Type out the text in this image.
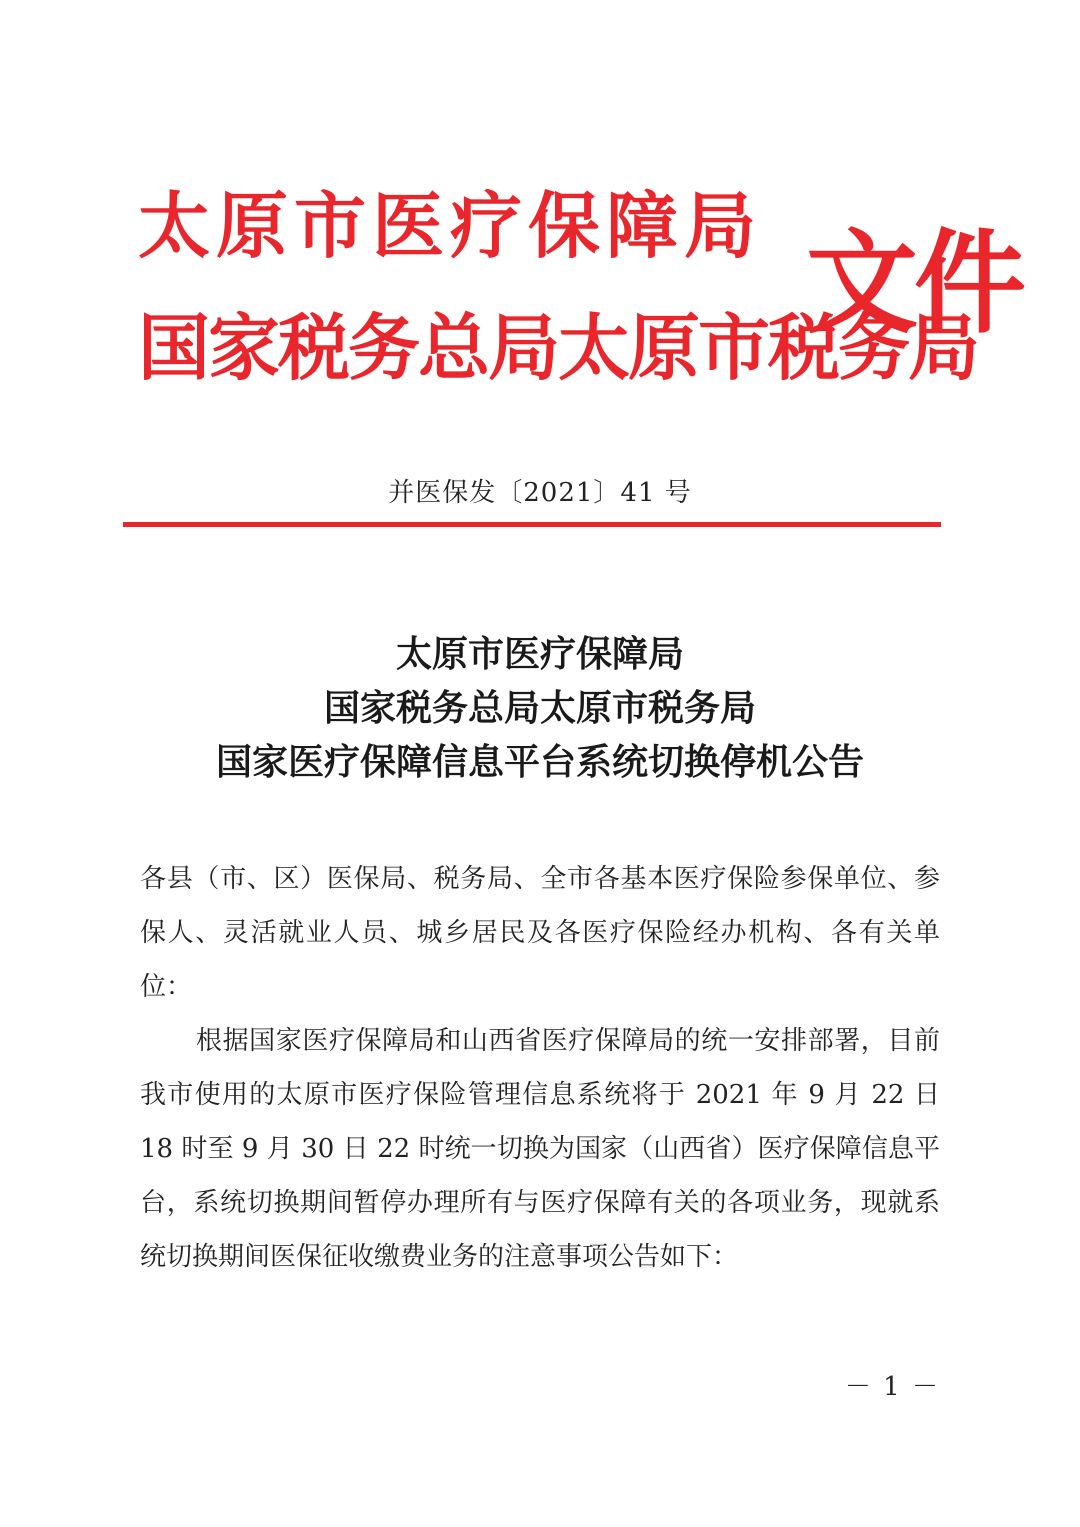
太原市医疗保障局
国家税务总局太原市税务局
文件
并医保发〔2021〕41 号
太原市医疗保障局
国家税务总局太原市税务局
国家医疗保障信息平台系统切换停机公告

各县（市、区）医保局、税务局、全市各基本医疗保险参保单位、参保人、灵活就业人员、城乡居民及各医疗保险经办机构、各有关单位：

根据国家医疗保障局和山西省医疗保障局的统一安排部署，目前我市使用的太原市医疗保险管理信息系统将于 2021 年 9 月 22 日 18 时至 9 月 30 日 22 时统一切换为国家（山西省）医疗保障信息平台，系统切换期间暂停办理所有与医疗保障有关的各项业务，现就系统切换期间医保征收缴费业务的注意事项公告如下：

－ 1 －
